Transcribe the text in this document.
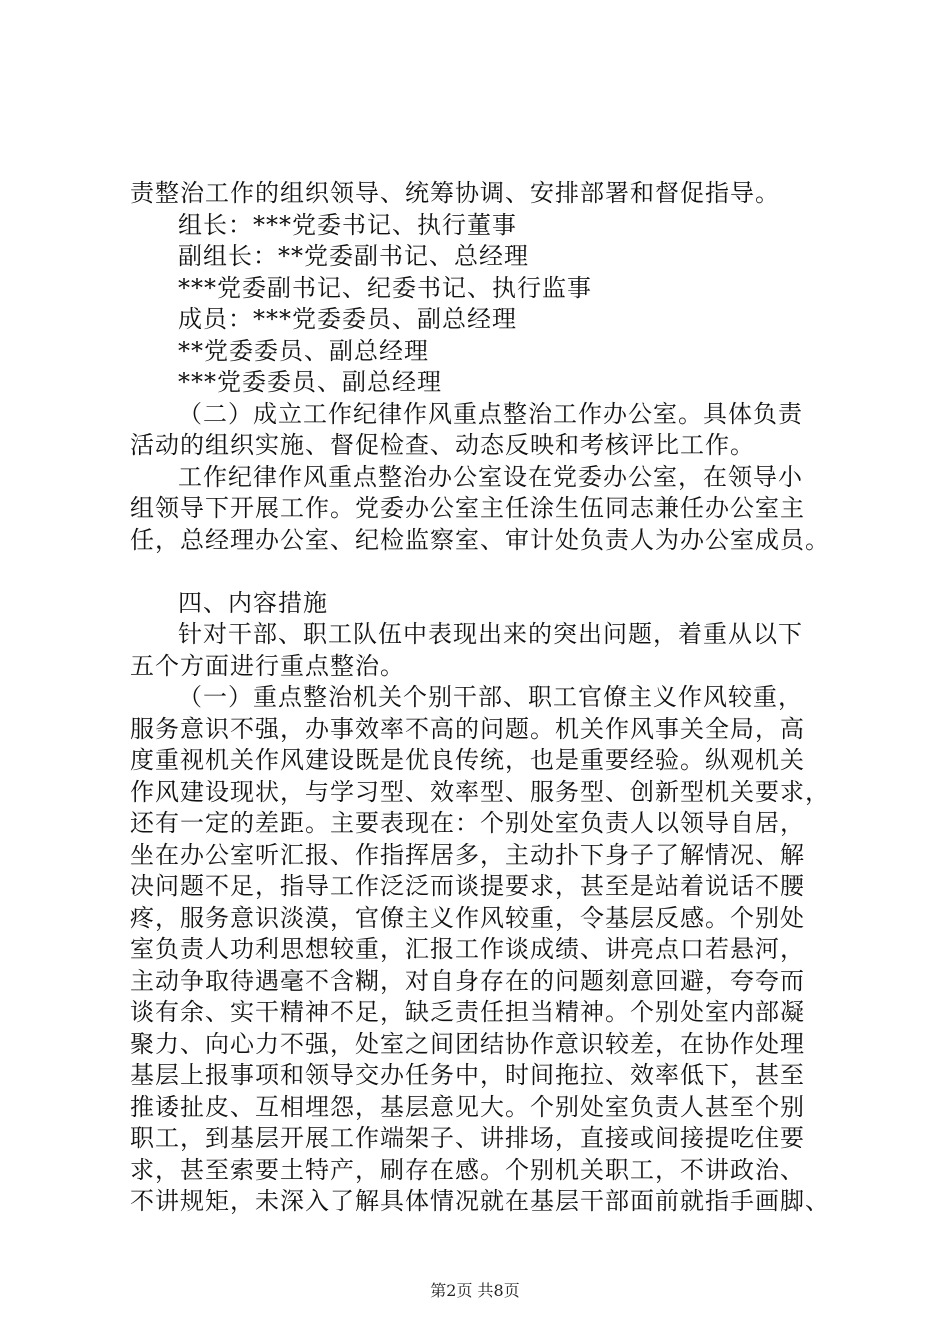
责整治工作的组织领导、统筹协调、安排部署和督促指导。
组长：***党委书记、执行董事
副组长：**党委副书记、总经理
***党委副书记、纪委书记、执行监事
成员：***党委委员、副总经理
**党委委员、副总经理
***党委委员、副总经理
（二）成立工作纪律作风重点整治工作办公室。具体负责
活动的组织实施、督促检查、动态反映和考核评比工作。
工作纪律作风重点整治办公室设在党委办公室，在领导小
组领导下开展工作。党委办公室主任涂生伍同志兼任办公室主
任，总经理办公室、纪检监察室、审计处负责人为办公室成员。
四、内容措施
针对干部、职工队伍中表现出来的突出问题，着重从以下
五个方面进行重点整治。
（一）重点整治机关个别干部、职工官僚主义作风较重，
服务意识不强，办事效率不高的问题。机关作风事关全局，高
度重视机关作风建设既是优良传统，也是重要经验。纵观机关
作风建设现状，与学习型、效率型、服务型、创新型机关要求，
还有一定的差距。主要表现在：个别处室负责人以领导自居，
坐在办公室听汇报、作指挥居多，主动扑下身子了解情况、解
决问题不足，指导工作泛泛而谈提要求，甚至是站着说话不腰
疼，服务意识淡漠，官僚主义作风较重，令基层反感。个别处
室负责人功利思想较重，汇报工作谈成绩、讲亮点口若悬河，
主动争取待遇毫不含糊，对自身存在的问题刻意回避，夸夸而
谈有余、实干精神不足，缺乏责任担当精神。个别处室内部凝
聚力、向心力不强，处室之间团结协作意识较差，在协作处理
基层上报事项和领导交办任务中，时间拖拉、效率低下，甚至
推诿扯皮、互相埋怨，基层意见大。个别处室负责人甚至个别
职工，到基层开展工作端架子、讲排场，直接或间接提吃住要
求，甚至索要土特产，刷存在感。个别机关职工，不讲政治、
不讲规矩，未深入了解具体情况就在基层干部面前就指手画脚、
第2页 共8页
